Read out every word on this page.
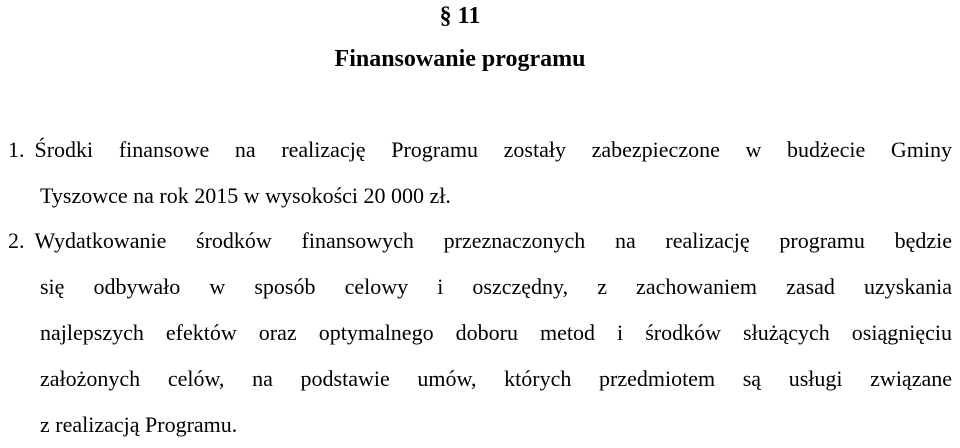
§ 11
Finansowanie programu
1. Środki finansowe na realizację Programu zostały zabezpieczone w budżecie Gminy
Tyszowce na rok 2015 w wysokości 20 000 zł.
2. Wydatkowanie środków finansowych przeznaczonych na realizację programu będzie
się odbywało w sposób celowy i oszczędny, z zachowaniem zasad uzyskania
najlepszych efektów oraz optymalnego doboru metod i środków służących osiągnięciu
założonych celów, na podstawie umów, których przedmiotem są usługi związane
z realizacją Programu.
